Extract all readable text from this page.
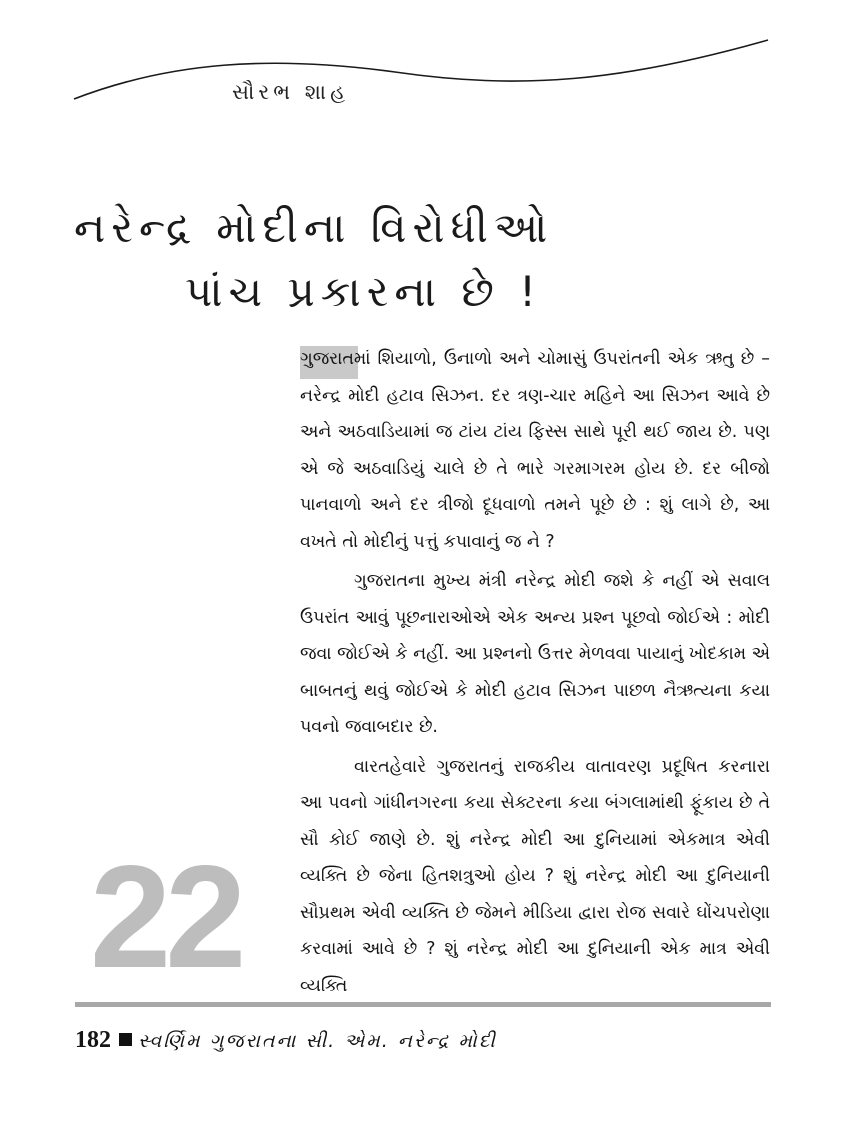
સૌરભ શાહ
નરેન્દ્ર મોદીના વિરોધીઓ
પાંચ પ્રકારના છે !

ગુજરાતમાં શિયાળો, ઉનાળો અને ચોમાસું ઉપરાંતની એક ઋતુ છે – નરેન્દ્ર મોદી હટાવ સિઝન. દર ત્રણ-ચાર મહિને આ સિઝન આવે છે અને અઠવાડિયામાં જ ટાંય ટાંય ફિસ્સ સાથે પૂરી થઈ જાય છે. પણ એ જે અઠવાડિયું ચાલે છે તે ભારે ગરમાગરમ હોય છે. દર બીજો પાનવાળો અને દર ત્રીજો દૂધવાળો તમને પૂછે છે : શું લાગે છે, આ વખતે તો મોદીનું પત્તું કપાવાનું જ ને ?

ગુજરાતના મુખ્ય મંત્રી નરેન્દ્ર મોદી જશે કે નહીં એ સવાલ ઉપરાંત આવું પૂછનારાઓએ એક અન્ય પ્રશ્ન પૂછવો જોઈએ : મોદી જવા જોઈએ કે નહીં. આ પ્રશ્નનો ઉત્તર મેળવવા પાયાનું ખોદકામ એ બાબતનું થવું જોઈએ કે મોદી હટાવ સિઝન પાછળ નૈઋત્યના કયા પવનો જવાબદાર છે.

વારતહેવારે ગુજરાતનું રાજકીય વાતાવરણ પ્રદૂષિત કરનારા આ પવનો ગાંધીનગરના કયા સેક્ટરના કયા બંગલામાંથી ફૂંકાય છે તે સૌ કોઈ જાણે છે. શું નરેન્દ્ર મોદી આ દુનિયામાં એકમાત્ર એવી વ્યક્તિ છે જેના હિતશત્રુઓ હોય ? શું નરેન્દ્ર મોદી આ દુનિયાની સૌપ્રથમ એવી વ્યક્તિ છે જેમને મીડિયા દ્વારા રોજ સવારે ઘોંચપરોણા કરવામાં આવે છે ? શું નરેન્દ્ર મોદી આ દુનિયાની એક માત્ર એવી વ્યક્તિ

22
182 સ્વર્ણિમ ગુજરાતના સી. એમ. નરેન્દ્ર મોદી
